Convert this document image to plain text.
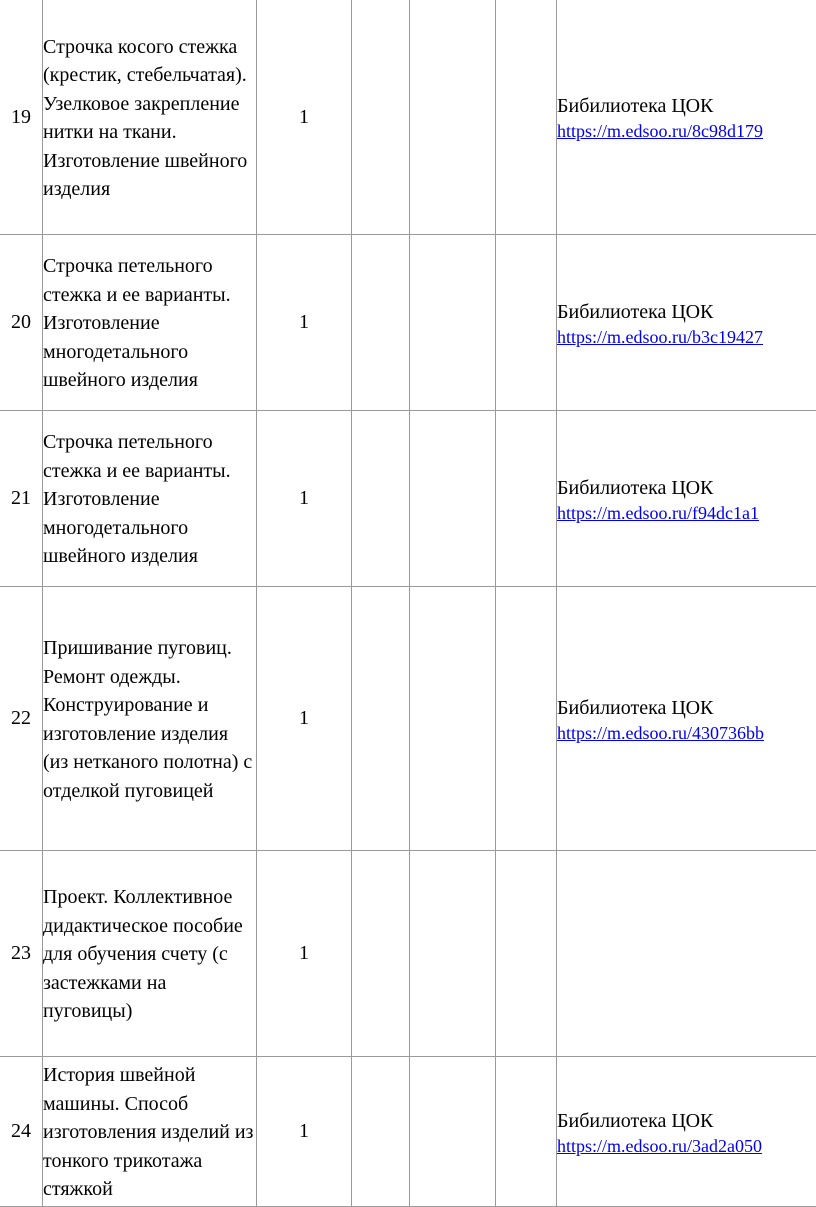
19	Строчка косого стежка (крестик, стебельчатая). Узелковое закрепление нитки на ткани. Изготовление швейного изделия	1				Бибилиотека ЦОК
https://m.edsoo.ru/8c98d179

20	Строчка петельного стежка и ее варианты. Изготовление многодетального швейного изделия	1				Бибилиотека ЦОК
https://m.edsoo.ru/b3c19427

21	Строчка петельного стежка и ее варианты. Изготовление многодетального швейного изделия	1				Бибилиотека ЦОК
https://m.edsoo.ru/f94dc1a1

22	Пришивание пуговиц. Ремонт одежды. Конструирование и изготовление изделия (из нетканого полотна) с отделкой пуговицей	1				Бибилиотека ЦОК
https://m.edsoo.ru/430736bb

23	Проект. Коллективное дидактическое пособие для обучения счету (с застежками на пуговицы)	1				

24	История швейной машины. Способ изготовления изделий из тонкого трикотажа стяжкой	1				Бибилиотека ЦОК
https://m.edsoo.ru/3ad2a050
